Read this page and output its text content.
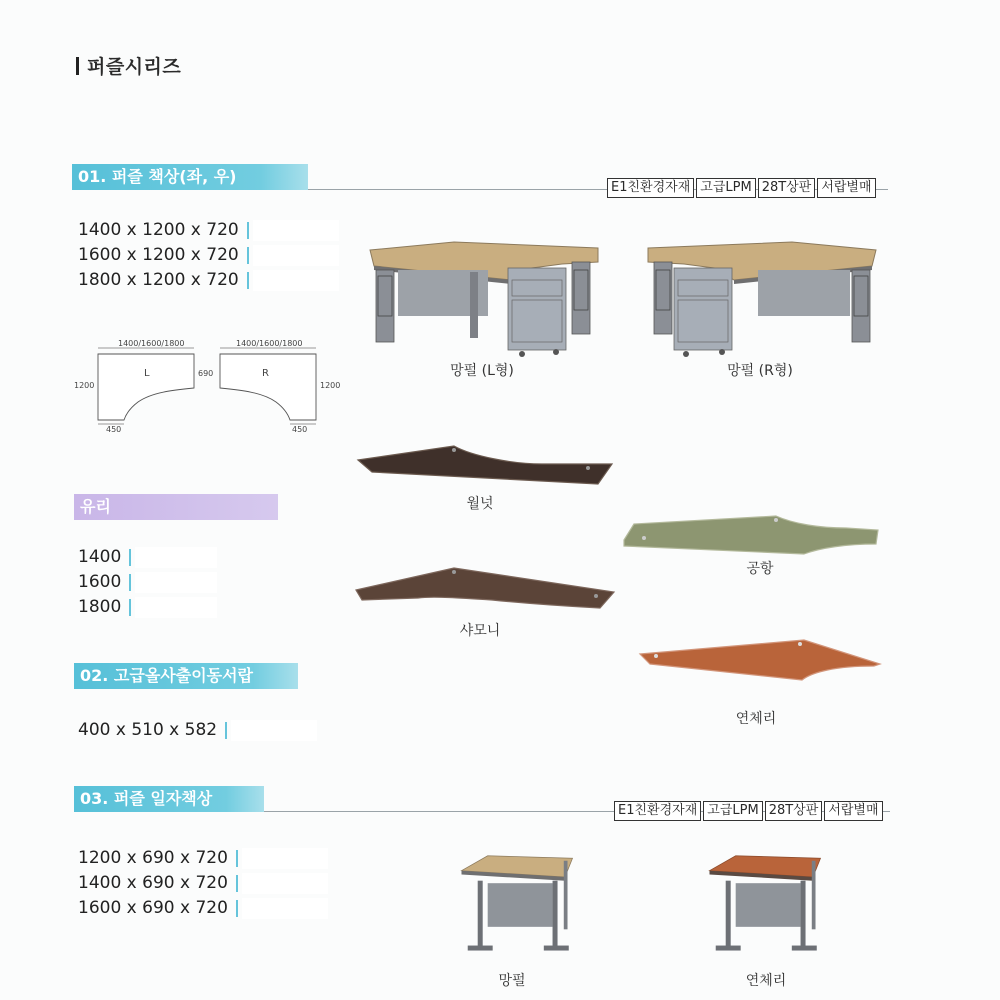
퍼즐시리즈
01. 퍼즐 책상(좌, 우)
E1친환경자재 고급LPM 28T상판 서랍별매
1400 x 1200 x 720
1600 x 1200 x 720
1800 x 1200 x 720
1400/1600/1800
1200
L
450
1400/1600/1800
690
1200
R
450
망펄 (L형)	망펄 (R형)
유리
1400
1600
1800
월넛
공항
샤모니
연체리
02. 고급올사출이동서랍
400 x 510 x 582
03. 퍼즐 일자책상
E1친환경자재 고급LPM 28T상판 서랍별매
1200 x 690 x 720
1400 x 690 x 720
1600 x 690 x 720
망펄	연체리
